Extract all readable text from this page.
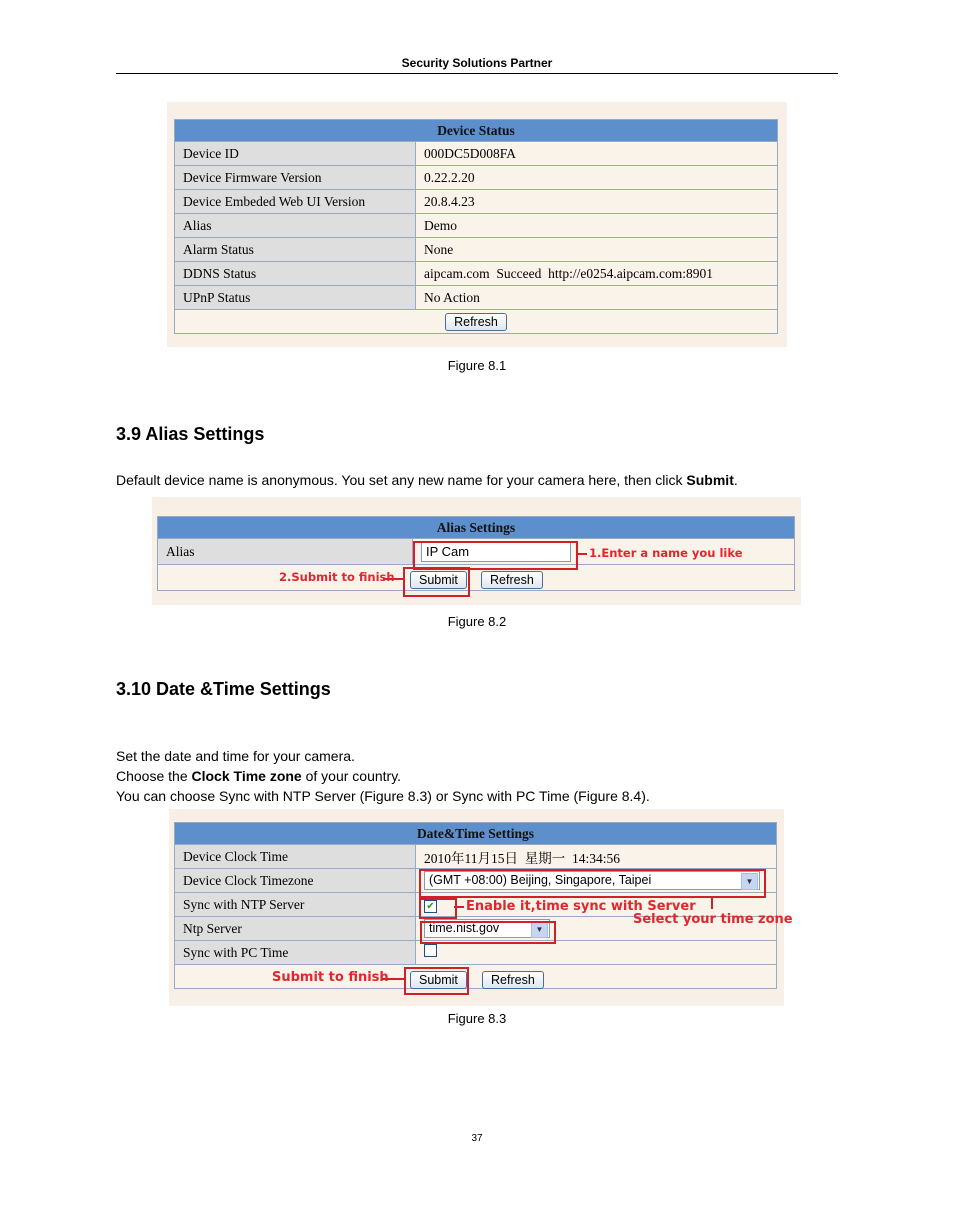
Security Solutions Partner
Device Status	
Device ID	000DC5D008FA
Device Firmware Version	0.22.2.20
Device Embeded Web UI Version	20.8.4.23
Alias	Demo
Alarm Status	None
DDNS Status	aipcam.com  Succeed  http://e0254.aipcam.com:8901
UPnP Status	No Action
Refresh	
Figure 8.1
3.9 Alias Settings
Default device name is anonymous. You set any new name for your camera here, then click Submit.
Alias Settings
Alias	IP Cam

Submit	Refresh
1.Enter a name you like
2.Submit to finish
Figure 8.2
3.10 Date &Time Settings
Set the date and time for your camera.
Choose the Clock Time zone of your country.
You can choose Sync with NTP Server (Figure 8.3) or Sync with PC Time (Figure 8.4).
Date&Time Settings	
Device Clock Time	2010年11月15日  星期一  14:34:56
Device Clock Timezone	(GMT +08:00) Beijing, Singapore, Taipei ▼

Sync with NTP Server	✔
Ntp Server	time.nist.gov ▼

Sync with PC Time	

Submit	Refresh
Select your time zone
Enable it,time sync with Server
Submit to finish
Figure 8.3
37
